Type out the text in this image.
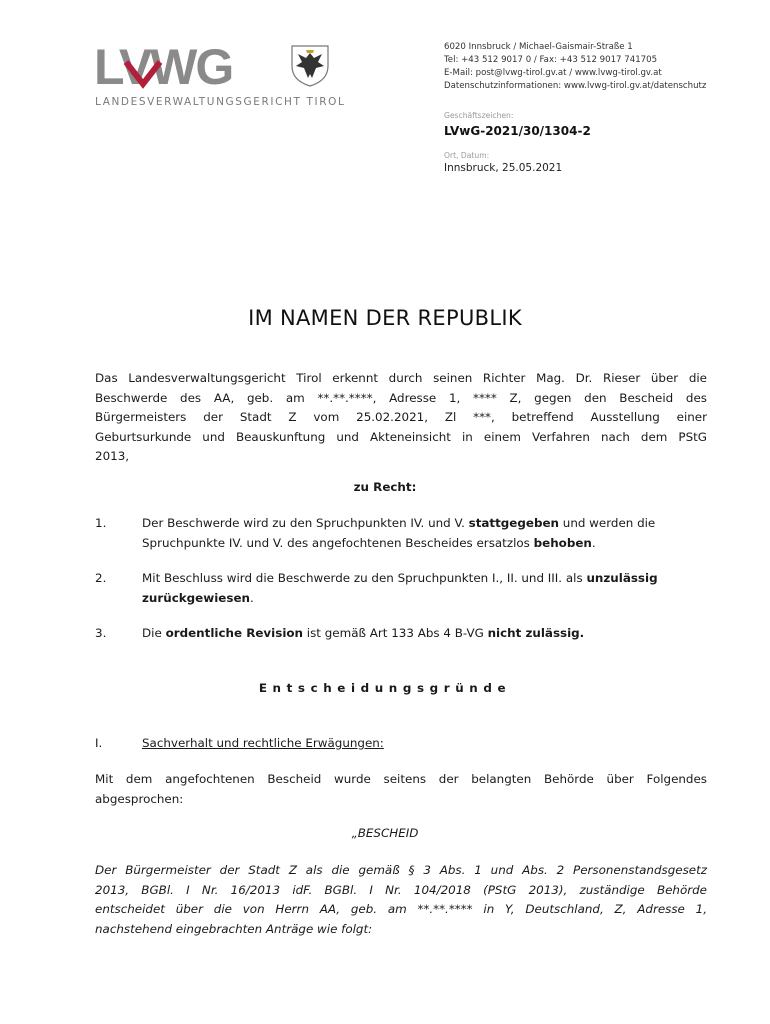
LVWG
LANDESVERWALTUNGSGERICHT TIROL
6020 Innsbruck / Michael-Gaismair-Straße 1
Tel: +43 512 9017 0 / Fax: +43 512 9017 741705
E-Mail: post@lvwg-tirol.gv.at / www.lvwg-tirol.gv.at
Datenschutzinformationen: www.lvwg-tirol.gv.at/datenschutz
Geschäftszeichen:
LVwG-2021/30/1304-2
Ort, Datum:
Innsbruck, 25.05.2021
IM NAMEN DER REPUBLIK
Das Landesverwaltungsgericht Tirol erkennt durch seinen Richter Mag. Dr. Rieser über die
Beschwerde des AA, geb. am **.**.****, Adresse 1, **** Z, gegen den Bescheid des
Bürgermeisters der Stadt Z vom 25.02.2021, Zl ***, betreffend Ausstellung einer
Geburtsurkunde und Beauskunftung und Akteneinsicht in einem Verfahren nach dem PStG
2013,
zu Recht:
1.	Der Beschwerde wird zu den Spruchpunkten IV. und V. stattgegeben und werden die
Spruchpunkte IV. und V. des angefochtenen Bescheides ersatzlos behoben.
2.	Mit Beschluss wird die Beschwerde zu den Spruchpunkten I., II. und III. als unzulässig
zurückgewiesen.
3.	Die ordentliche Revision ist gemäß Art 133 Abs 4 B-VG nicht zulässig.
Entscheidungsgründe
I.	Sachverhalt und rechtliche Erwägungen:
Mit dem angefochtenen Bescheid wurde seitens der belangten Behörde über Folgendes
abgesprochen:
„BESCHEID
Der Bürgermeister der Stadt Z als die gemäß § 3 Abs. 1 und Abs. 2 Personenstandsgesetz
2013, BGBl. I Nr. 16/2013 idF. BGBl. I Nr. 104/2018 (PStG 2013), zuständige Behörde
entscheidet über die von Herrn AA, geb. am **.**.**** in Y, Deutschland, Z, Adresse 1,
nachstehend eingebrachten Anträge wie folgt:
